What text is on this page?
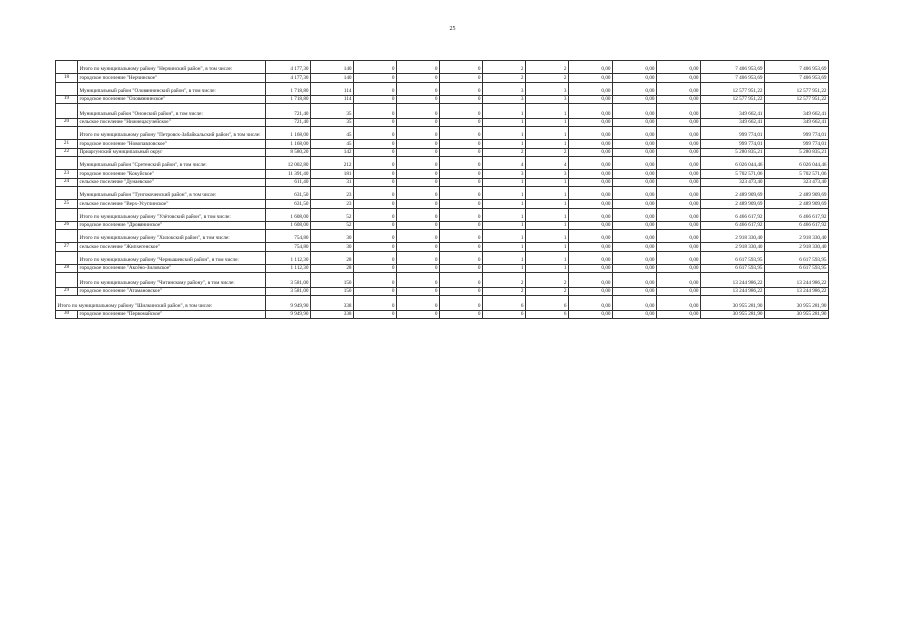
25
	Итого по муниципальному району "Нерчинский район", в том числе:	4 177,30	140	0	0	0	2	2	0,00	0,00	0,00	7 406 953,69	7 406 953,69
18	городское поселение "Нерчинское"	4 177,30	140	0	0	0	2	2	0,00	0,00	0,00	7 406 953,69	7 406 953,69
	Муниципальный район "Оловяннинский район", в том числе:	1 718,80	114	0	0	0	3	3	0,00	0,00	0,00	12 577 951,22	12 577 951,22
19	городское поселение "Оловяннинское"	1 718,80	114	0	0	0	3	3	0,00	0,00	0,00	12 577 951,22	12 577 951,22
	Муниципальный район "Ононский район", в том числе:	721,40	35	0	0	0	1	1	0,00	0,00	0,00	349 662,41	349 662,41
20	сельское поселение "Нижнецасучейское"	721,40	35	0	0	0	1	1	0,00	0,00	0,00	349 662,41	349 662,41
	Итого по муниципальному району "Петровск-Забайкальский район", в том числе:	1 168,00	45	0	0	0	1	1	0,00	0,00	0,00	999 774,01	999 774,01
21	городское поселение "Новопавловское"	1 168,00	45	0	0	0	1	1	0,00	0,00	0,00	999 774,01	999 774,01
22	Приаргунский муниципальный округ	8 580,20	142	0	0	0	2	2	0,00	0,00	0,00	5 280 835,21	5 280 835,21
	Муниципальный район "Сретенский район", в том числе:	12 002,80	212	0	0	0	4	4	0,00	0,00	0,00	6 026 044,46	6 026 044,46
23	городское поселение "Кокуйское"	11 391,40	181	0	0	0	3	3	0,00	0,00	0,00	5 702 571,06	5 702 571,06
24	сельское поселение "Дунаевское"	611,40	31	0	0	0	1	1	0,00	0,00	0,00	323 473,40	323 473,40
	Муниципальный район "Тунгокоченский район", в том числе:	631,50	23	0	0	0	1	1	0,00	0,00	0,00	2 489 909,69	2 489 909,69
25	сельское поселение "Верх-Усуглинское"	631,50	23	0	0	0	1	1	0,00	0,00	0,00	2 489 909,69	2 489 909,69
	Итого по муниципальному району "Улётовский район", в том числе:	1 608,00	52	0	0	0	1	1	0,00	0,00	0,00	6 466 617,92	6 466 617,92
26	городское поселение "Дровянинское"	1 608,00	52	0	0	0	1	1	0,00	0,00	0,00	6 466 617,92	6 466 617,92
	Итого по муниципальному району "Хилокский район", в том числе:	754,80	30	0	0	0	1	1	0,00	0,00	0,00	2 918 330,40	2 918 330,40
27	сельское поселение "Жипхегенское"	754,80	30	0	0	0	1	1	0,00	0,00	0,00	2 918 330,40	2 918 330,40
	Итого по муниципальному району "Чернышевский район", в том числе:	1 112,30	28	0	0	0	1	1	0,00	0,00	0,00	6 617 593,95	6 617 593,95
28	городское поселение "Аксёно-Зиловское"	1 112,30	28	0	0	0	1	1	0,00	0,00	0,00	6 617 593,95	6 617 593,95
	Итого по муниципальному району "Читинскому району", в том числе:	3 581,00	150	0	0	0	2	2	0,00	0,00	0,00	13 244 986,22	13 244 986,22
29	городское поселение "Атамановское"	3 581,00	150	0	0	0	2	2	0,00	0,00	0,00	13 244 986,22	13 244 986,22
Итого по муниципальному району "Шилкинский район", в том числе:		9 949,90	338	0	0	0	6	6	0,00	0,00	0,00	30 955 281,90	30 955 281,90
30	городское поселение "Первомайское"	9 949,90	338	0	0	0	6	6	0,00	0,00	0,00	30 955 281,90	30 955 281,90
